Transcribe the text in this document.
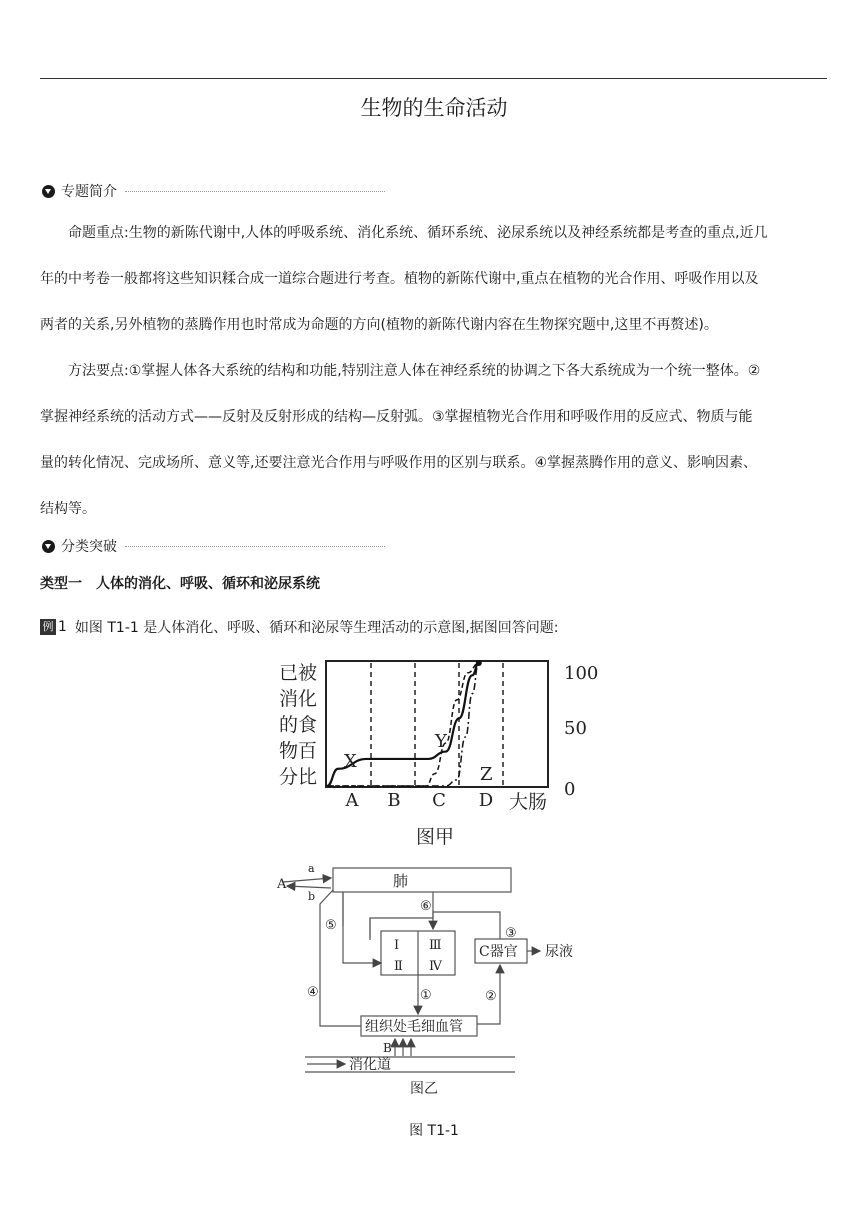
生物的生命活动
专题简介
命题重点:生物的新陈代谢中,人体的呼吸系统、消化系统、循环系统、泌尿系统以及神经系统都是考查的重点,近几
年的中考卷一般都将这些知识糅合成一道综合题进行考查。植物的新陈代谢中,重点在植物的光合作用、呼吸作用以及
两者的关系,另外植物的蒸腾作用也时常成为命题的方向(植物的新陈代谢内容在生物探究题中,这里不再赘述)。
方法要点:①掌握人体各大系统的结构和功能,特别注意人体在神经系统的协调之下各大系统成为一个统一整体。②
掌握神经系统的活动方式——反射及反射形成的结构—反射弧。③掌握植物光合作用和呼吸作用的反应式、物质与能
量的转化情况、完成场所、意义等,还要注意光合作用与呼吸作用的区别与联系。④掌握蒸腾作用的意义、影响因素、
结构等。
分类突破
类型一　人体的消化、呼吸、循环和泌尿系统
例 1 如图 T1-1 是人体消化、呼吸、循环和泌尿等生理活动的示意图,据图回答问题:
已被
消化
的食
物百
分比
100
50
0
A B C D 大肠
X
Y
Z
图甲
肺
a
b
A
Ⅰ Ⅲ
Ⅱ Ⅳ
C器官 尿液
组织处毛细血管
B
消化道
①	②
③
④
⑤
⑥
图乙
图 T1-1
